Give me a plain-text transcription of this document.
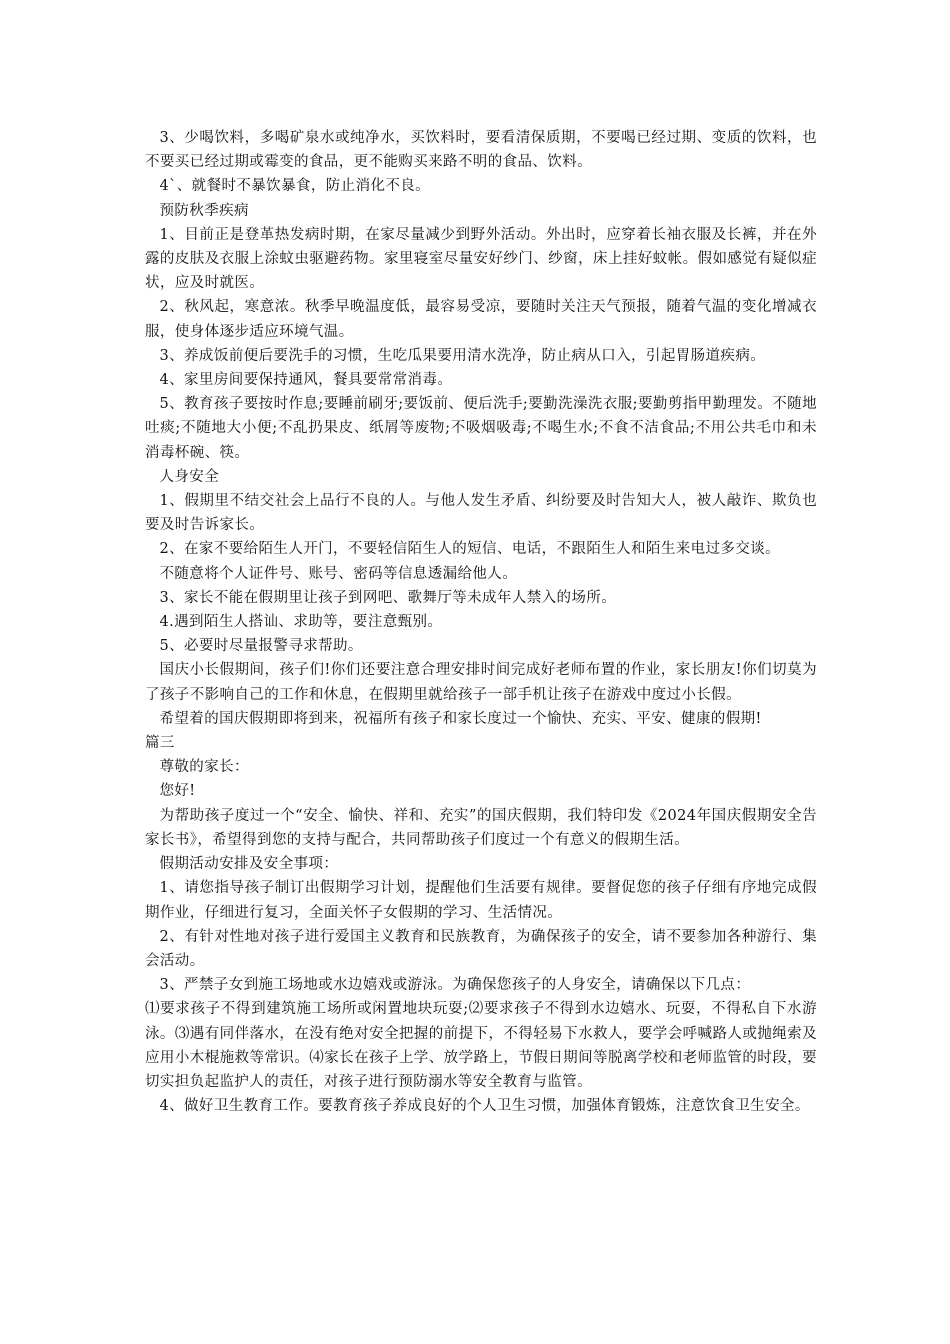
3、少喝饮料，多喝矿泉水或纯净水，买饮料时，要看清保质期，不要喝已经过期、变质的饮料，也不要买已经过期或霉变的食品，更不能购买来路不明的食品、饮料。

4`、就餐时不暴饮暴食，防止消化不良。

预防秋季疾病

1、目前正是登革热发病时期，在家尽量减少到野外活动。外出时，应穿着长袖衣服及长裤，并在外露的皮肤及衣服上涂蚊虫驱避药物。家里寝室尽量安好纱门、纱窗，床上挂好蚊帐。假如感觉有疑似症状，应及时就医。

2、秋风起，寒意浓。秋季早晚温度低，最容易受凉，要随时关注天气预报，随着气温的变化增减衣服，使身体逐步适应环境气温。

3、养成饭前便后要洗手的习惯，生吃瓜果要用清水洗净，防止病从口入，引起胃肠道疾病。

4、家里房间要保持通风，餐具要常常消毒。

5、教育孩子要按时作息;要睡前刷牙;要饭前、便后洗手;要勤洗澡洗衣服;要勤剪指甲勤理发。不随地吐痰;不随地大小便;不乱扔果皮、纸屑等废物;不吸烟吸毒;不喝生水;不食不洁食品;不用公共毛巾和未消毒杯碗、筷。

人身安全

1、假期里不结交社会上品行不良的人。与他人发生矛盾、纠纷要及时告知大人，被人敲诈、欺负也要及时告诉家长。

2、在家不要给陌生人开门，不要轻信陌生人的短信、电话，不跟陌生人和陌生来电过多交谈。

不随意将个人证件号、账号、密码等信息透漏给他人。

3、家长不能在假期里让孩子到网吧、歌舞厅等未成年人禁入的场所。

4.遇到陌生人搭讪、求助等，要注意甄别。

5、必要时尽量报警寻求帮助。

国庆小长假期间，孩子们!你们还要注意合理安排时间完成好老师布置的作业，家长朋友!你们切莫为了孩子不影响自己的工作和休息，在假期里就给孩子一部手机让孩子在游戏中度过小长假。

希望着的国庆假期即将到来，祝福所有孩子和家长度过一个愉快、充实、平安、健康的假期!

篇三

尊敬的家长：

您好!

为帮助孩子度过一个“安全、愉快、祥和、充实”的国庆假期，我们特印发《2024年国庆假期安全告家长书》，希望得到您的支持与配合，共同帮助孩子们度过一个有意义的假期生活。

假期活动安排及安全事项：

1、请您指导孩子制订出假期学习计划，提醒他们生活要有规律。要督促您的孩子仔细有序地完成假期作业，仔细进行复习，全面关怀子女假期的学习、生活情况。

2、有针对性地对孩子进行爱国主义教育和民族教育，为确保孩子的安全，请不要参加各种游行、集会活动。

3、严禁子女到施工场地或水边嬉戏或游泳。为确保您孩子的人身安全，请确保以下几点：

⑴要求孩子不得到建筑施工场所或闲置地块玩耍;⑵要求孩子不得到水边嬉水、玩耍，不得私自下水游泳。⑶遇有同伴落水，在没有绝对安全把握的前提下，不得轻易下水救人，要学会呼喊路人或抛绳索及应用小木棍施救等常识。⑷家长在孩子上学、放学路上，节假日期间等脱离学校和老师监管的时段，要切实担负起监护人的责任，对孩子进行预防溺水等安全教育与监管。

4、做好卫生教育工作。要教育孩子养成良好的个人卫生习惯，加强体育锻炼，注意饮食卫生安全。
